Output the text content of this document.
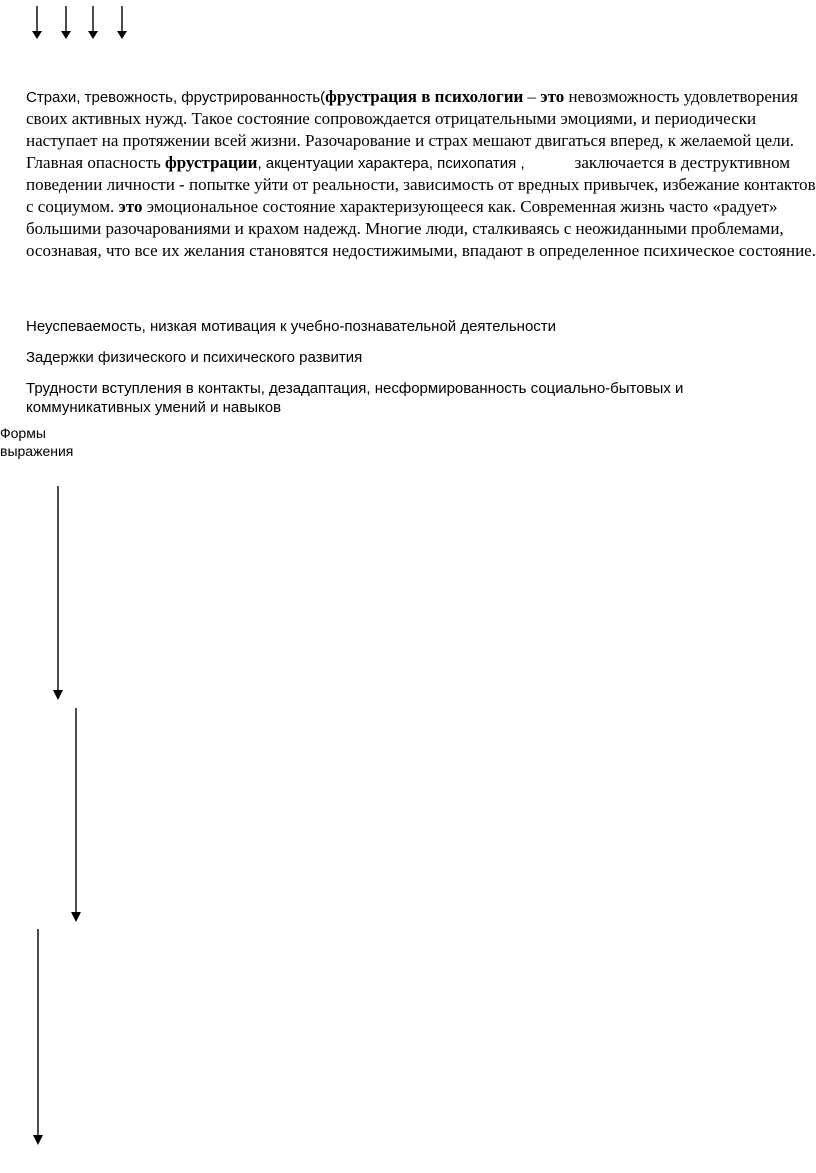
Страхи, тревожность, фрустрированность(фрустрация в психологии – это невозможность удовлетворения своих активных нужд. Такое состояние сопровождается отрицательными эмоциями, и периодически наступает на протяжении всей жизни. Разочарование и страх мешают двигаться вперед, к желаемой цели. Главная опасность фрустрации, акцентуации характера, психопатия ,	заключается в деструктивном поведении личности - попытке уйти от реальности, зависимость от вредных привычек, избежание контактов с социумом. это эмоциональное состояние характеризующееся как. Современная жизнь часто «радует» большими разочарованиями и крахом надежд. Многие люди, сталкиваясь с неожиданными проблемами, осознавая, что все их желания становятся недостижимыми, впадают в определенное психическое состояние.

Неуспеваемость, низкая мотивация к учебно-познавательной деятельности

Задержки физического и психического развития

Трудности вступления в контакты, дезадаптация, несформированность социально-бытовых и коммуникативных умений и навыков

Формы
выражения
